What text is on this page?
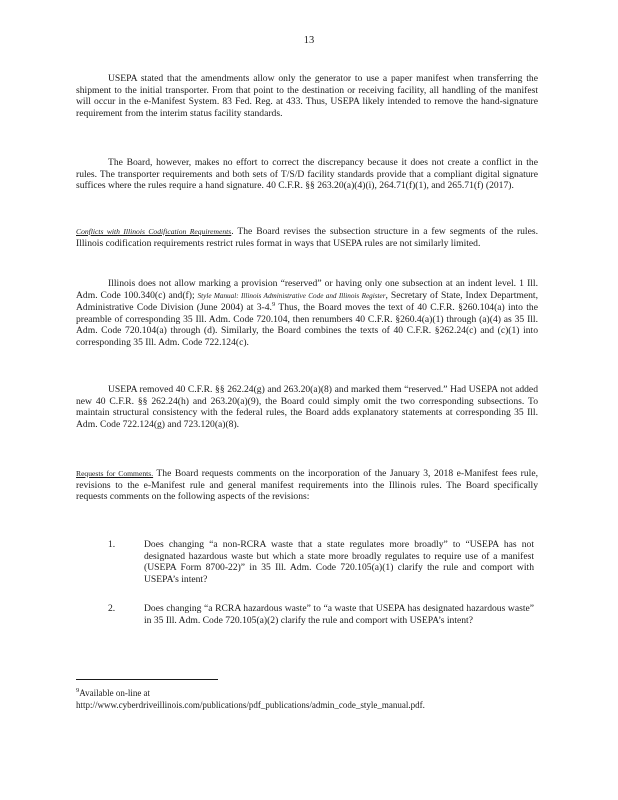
13

USEPA stated that the amendments allow only the generator to use a paper manifest when transferring the shipment to the initial transporter. From that point to the destination or receiving facility, all handling of the manifest will occur in the e-Manifest System. 83 Fed. Reg. at 433. Thus, USEPA likely intended to remove the hand-signature requirement from the interim status facility standards.

The Board, however, makes no effort to correct the discrepancy because it does not create a conflict in the rules. The transporter requirements and both sets of T/S/D facility standards provide that a compliant digital signature suffices where the rules require a hand signature. 40 C.F.R. §§ 263.20(a)(4)(i), 264.71(f)(1), and 265.71(f) (2017).

Conflicts with Illinois Codification Requirements. The Board revises the subsection structure in a few segments of the rules. Illinois codification requirements restrict rules format in ways that USEPA rules are not similarly limited.

Illinois does not allow marking a provision “reserved” or having only one subsection at an indent level. 1 Ill. Adm. Code 100.340(c) and(f); Style Manual: Illinois Administrative Code and Illinois Register, Secretary of State, Index Department, Administrative Code Division (June 2004) at 3-4.$^9$ Thus, the Board moves the text of 40 C.F.R. §260.104(a) into the preamble of corresponding 35 Ill. Adm. Code 720.104, then renumbers 40 C.F.R. §260.4(a)(1) through (a)(4) as 35 Ill. Adm. Code 720.104(a) through (d). Similarly, the Board combines the texts of 40 C.F.R. §262.24(c) and (c)(1) into corresponding 35 Ill. Adm. Code 722.124(c).

USEPA removed 40 C.F.R. §§ 262.24(g) and 263.20(a)(8) and marked them “reserved.” Had USEPA not added new 40 C.F.R. §§ 262.24(h) and 263.20(a)(9), the Board could simply omit the two corresponding subsections. To maintain structural consistency with the federal rules, the Board adds explanatory statements at corresponding 35 Ill. Adm. Code 722.124(g) and 723.120(a)(8).

Requests for Comments. The Board requests comments on the incorporation of the January 3, 2018 e-Manifest fees rule, revisions to the e-Manifest rule and general manifest requirements into the Illinois rules. The Board specifically requests comments on the following aspects of the revisions:

1.	Does changing “a non-RCRA waste that a state regulates more broadly” to “USEPA has not designated hazardous waste but which a state more broadly regulates to require use of a manifest (USEPA Form 8700-22)” in 35 Ill. Adm. Code 720.105(a)(1) clarify the rule and comport with USEPA’s intent?
2.	Does changing “a RCRA hazardous waste” to “a waste that USEPA has designated hazardous waste” in 35 Ill. Adm. Code 720.105(a)(2) clarify the rule and comport with USEPA’s intent?
$^9$Available on-line at http://www.cyberdriveillinois.com/publications/pdf_publications/admin_code_style_manual.pdf.
